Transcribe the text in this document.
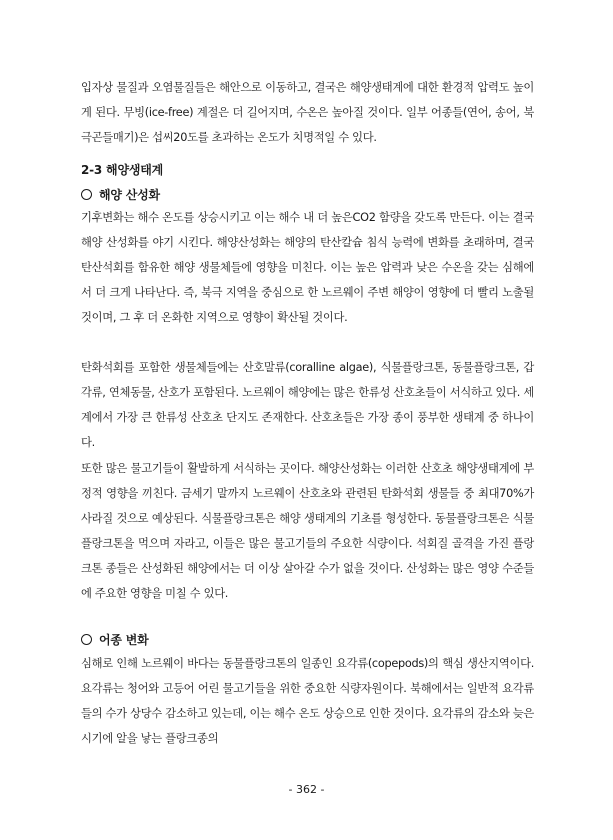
입자상 물질과 오염물질들은 해안으로 이동하고, 결국은 해양생태계에 대한 환경적 압력도 높이게 된다. 무빙(ice-free) 계절은 더 길어지며, 수온은 높아질 것이다. 일부 어종들(연어, 송어, 북극곤들매기)은 섭씨20도를 초과하는 온도가 치명적일 수 있다.

2-3 해양생태계
해양 산성화

기후변화는 해수 온도를 상승시키고 이는 해수 내 더 높은CO2 함량을 갖도록 만든다. 이는 결국 해양 산성화를 야기 시킨다. 해양산성화는 해양의 탄산칼슘 침식 능력에 변화를 초래하며, 결국 탄산석회를 함유한 해양 생물체들에 영향을 미친다. 이는 높은 압력과 낮은 수온을 갖는 심해에서 더 크게 나타난다. 즉, 북극 지역을 중심으로 한 노르웨이 주변 해양이 영향에 더 빨리 노출될 것이며, 그 후 더 온화한 지역으로 영향이 확산될 것이다.

탄화석회를 포함한 생물체들에는 산호말류(coralline algae), 식물플랑크톤, 동물플랑크톤, 갑각류, 연체동물, 산호가 포함된다. 노르웨이 해양에는 많은 한류성 산호초들이 서식하고 있다. 세계에서 가장 큰 한류성 산호초 단지도 존재한다. 산호초들은 가장 종이 풍부한 생태계 중 하나이다.

또한 많은 물고기들이 활발하게 서식하는 곳이다. 해양산성화는 이러한 산호초 해양생태계에 부정적 영향을 끼친다. 금세기 말까지 노르웨이 산호초와 관련된 탄화석회 생물들 중 최대70%가 사라질 것으로 예상된다. 식물플랑크톤은 해양 생태계의 기초를 형성한다. 동물플랑크톤은 식물플랑크톤을 먹으며 자라고, 이들은 많은 물고기들의 주요한 식량이다. 석회질 골격을 가진 플랑크톤 종들은 산성화된 해양에서는 더 이상 살아갈 수가 없을 것이다. 산성화는 많은 영양 수준들에 주요한 영향을 미칠 수 있다.

어종 변화

심해로 인해 노르웨이 바다는 동물플랑크톤의 일종인 요각류(copepods)의 핵심 생산지역이다. 요각류는 청어와 고등어 어린 물고기들을 위한 중요한 식량자원이다. 북해에서는 일반적 요각류들의 수가 상당수 감소하고 있는데, 이는 해수 온도 상승으로 인한 것이다. 요각류의 감소와 늦은 시기에 알을 낳는 플랑크종의

- 362 -
